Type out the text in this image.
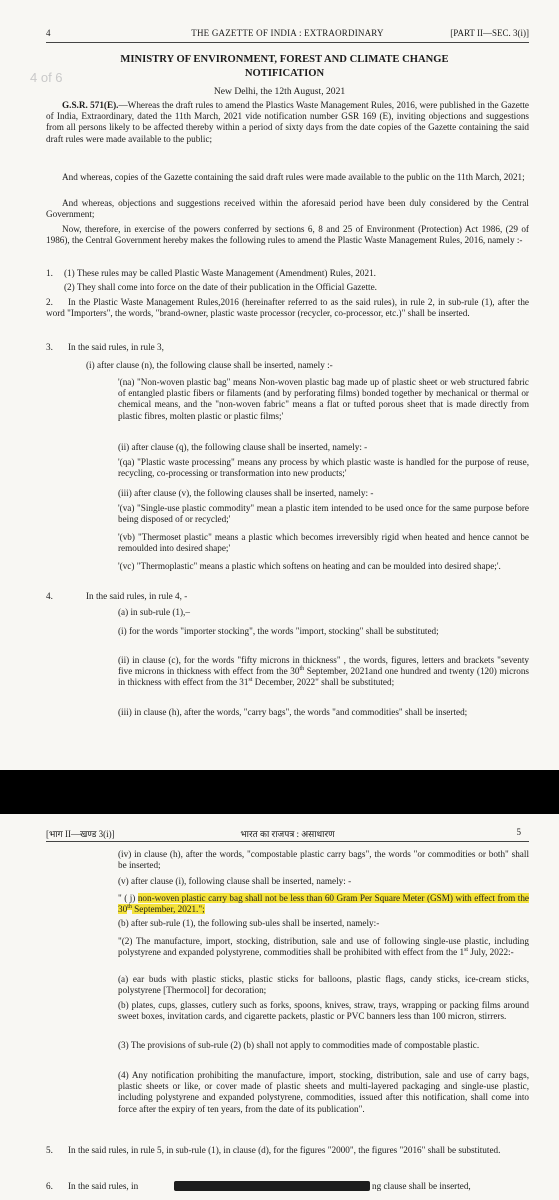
4	THE GAZETTE OF INDIA : EXTRAORDINARY	[PART II—SEC. 3(i)]
4 of 6
MINISTRY OF ENVIRONMENT, FOREST AND CLIMATE CHANGE
NOTIFICATION
New Delhi, the 12th August, 2021

G.S.R. 571(E).—Whereas the draft rules to amend the Plastics Waste Management Rules, 2016, were published in the Gazette of India, Extraordinary, dated the 11th March, 2021 vide notification number GSR 169 (E), inviting objections and suggestions from all persons likely to be affected thereby within a period of sixty days from the date copies of the Gazette containing the said draft rules were made available to the public;

And whereas, copies of the Gazette containing the said draft rules were made available to the public on the 11th March, 2021;

And whereas, objections and suggestions received within the aforesaid period have been duly considered by the Central Government;

Now, therefore, in exercise of the powers conferred by sections 6, 8 and 25 of Environment (Protection) Act 1986, (29 of 1986), the Central Government hereby makes the following rules to amend the Plastic Waste Management Rules, 2016, namely :-

1. (1) These rules may be called Plastic Waste Management (Amendment) Rules, 2021.

(2) They shall come into force on the date of their publication in the Official Gazette.

2.	In the Plastic Waste Management Rules,2016 (hereinafter referred to as the said rules), in rule 2, in sub-rule (1), after the word "Importers", the words, "brand-owner, plastic waste processor (recycler, co-processor, etc.)" shall be inserted.

3. In the said rules, in rule 3,

(i) after clause (n), the following clause shall be inserted, namely :-

'(na) "Non-woven plastic bag" means Non-woven plastic bag made up of plastic sheet or web structured fabric of entangled plastic fibers or filaments (and by perforating films) bonded together by mechanical or thermal or chemical means, and the "non-woven fabric" means a flat or tufted porous sheet that is made directly from plastic fibres, molten plastic or plastic films;'

(ii) after clause (q), the following clause shall be inserted, namely: -

'(qa) "Plastic waste processing" means any process by which plastic waste is handled for the purpose of reuse, recycling, co-processing or transformation into new products;'

(iii) after clause (v), the following clauses shall be inserted, namely: -

'(va) "Single-use plastic commodity" mean a plastic item intended to be used once for the same purpose before being disposed of or recycled;'

'(vb) "Thermoset plastic" means a plastic which becomes irreversibly rigid when heated and hence cannot be remoulded into desired shape;'

'(vc) "Thermoplastic" means a plastic which softens on heating and can be moulded into desired shape;'.

4.	In the said rules, in rule 4, -

(a) in sub-rule (1),–

(i) for the words "importer stocking", the words "import, stocking" shall be substituted;

(ii) in clause (c), for the words "fifty microns in thickness" , the words, figures, letters and brackets "seventy five microns in thickness with effect from the 30th September, 2021and one hundred and twenty (120) microns in thickness with effect from the 31st December, 2022" shall be substituted;

(iii) in clause (h), after the words, "carry bags", the words "and commodities" shall be inserted;

[भाग II—खण्ड 3(i)]	भारत का राजपत्र : असाधारण	5

(iv) in clause (h), after the words, "compostable plastic carry bags", the words "or commodities or both" shall be inserted;

(v) after clause (i), following clause shall be inserted, namely: -

" ( j) non-woven plastic carry bag shall not be less than 60 Gram Per Square Meter (GSM) with effect from the 30th September, 2021.";

(b) after sub-rule (1), the following sub-ules shall be inserted, namely:-

"(2) The manufacture, import, stocking, distribution, sale and use of following single-use plastic, including polystyrene and expanded polystyrene, commodities shall be prohibited with effect from the 1st July, 2022:-

(a) ear buds with plastic sticks, plastic sticks for balloons, plastic flags, candy sticks, ice-cream sticks, polystyrene [Thermocol] for decoration;

(b) plates, cups, glasses, cutlery such as forks, spoons, knives, straw, trays, wrapping or packing films around sweet boxes, invitation cards, and cigarette packets, plastic or PVC banners less than 100 micron, stirrers.

(3) The provisions of sub-rule (2) (b) shall not apply to commodities made of compostable plastic.

(4) Any notification prohibiting the manufacture, import, stocking, distribution, sale and use of carry bags, plastic sheets or like, or cover made of plastic sheets and multi-layered packaging and single-use plastic, including polystyrene and expanded polystyrene, commodities, issued after this notification, shall come into force after the expiry of ten years, from the date of its publication".

5.	In the said rules, in rule 5, in sub-rule (1), in clause (d), for the figures "2000", the figures "2016" shall be substituted.

6. In the said rules, in	ng clause shall be inserted,
